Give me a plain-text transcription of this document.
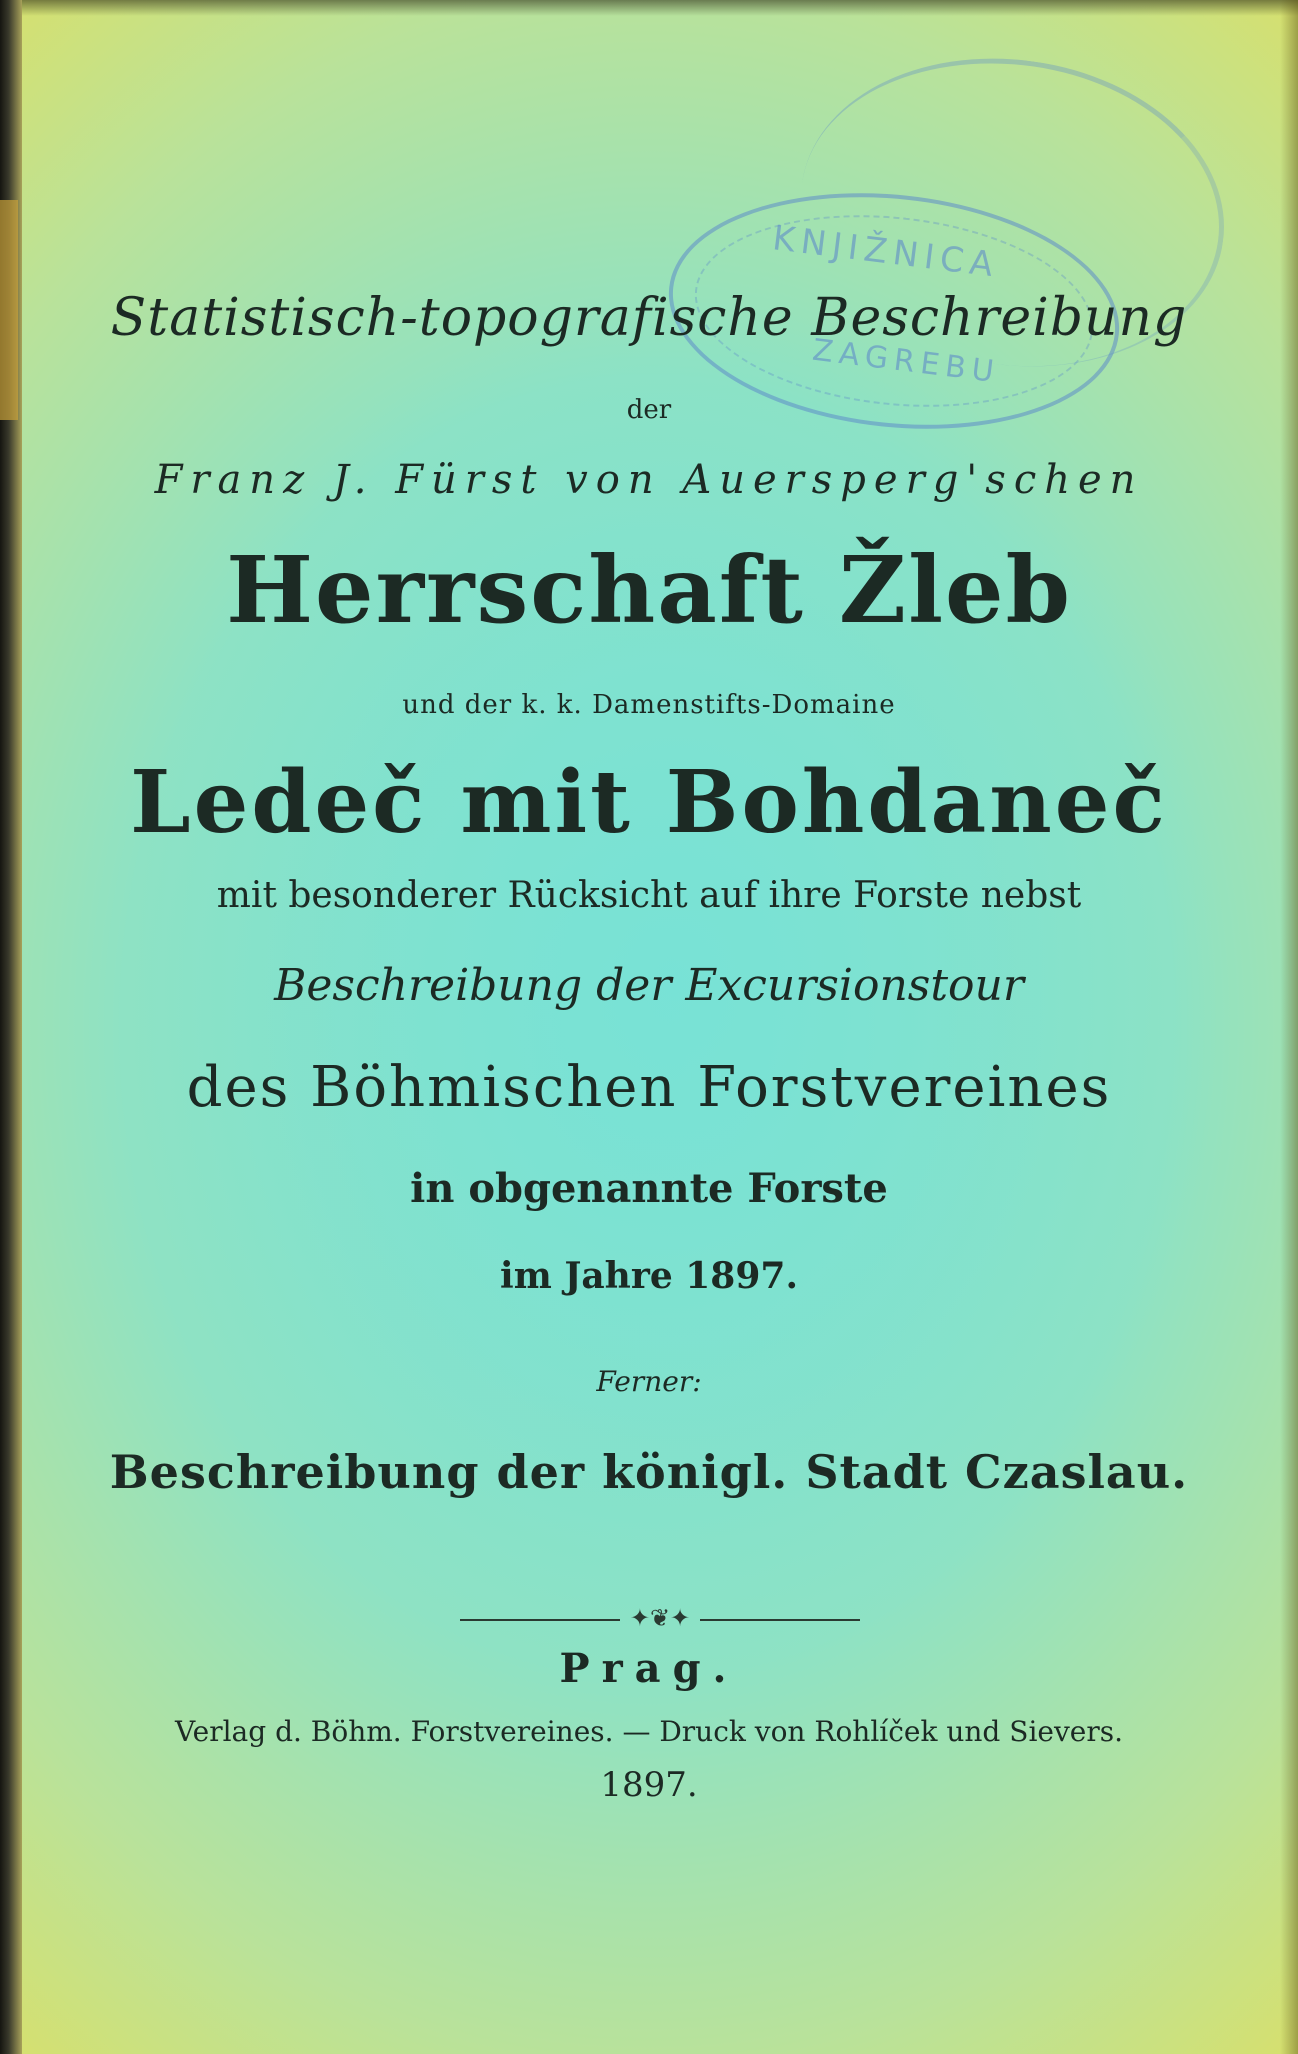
KNJIŽNICA
ZAGREBU
Statistisch-topografische Beschreibung
der
Franz J. Fürst von Auersperg'schen
Herrschaft Žleb
und der k. k. Damenstifts-Domaine
Ledeč mit Bohdaneč
mit besonderer Rücksicht auf ihre Forste nebst
Beschreibung der Excursionstour
des Böhmischen Forstvereines
in obgenannte Forste
im Jahre 1897.
Ferner:
Beschreibung der königl. Stadt Czaslau.
✦❦✦
Prag.
Verlag d. Böhm. Forstvereines. — Druck von Rohlíček und Sievers.
1897.
